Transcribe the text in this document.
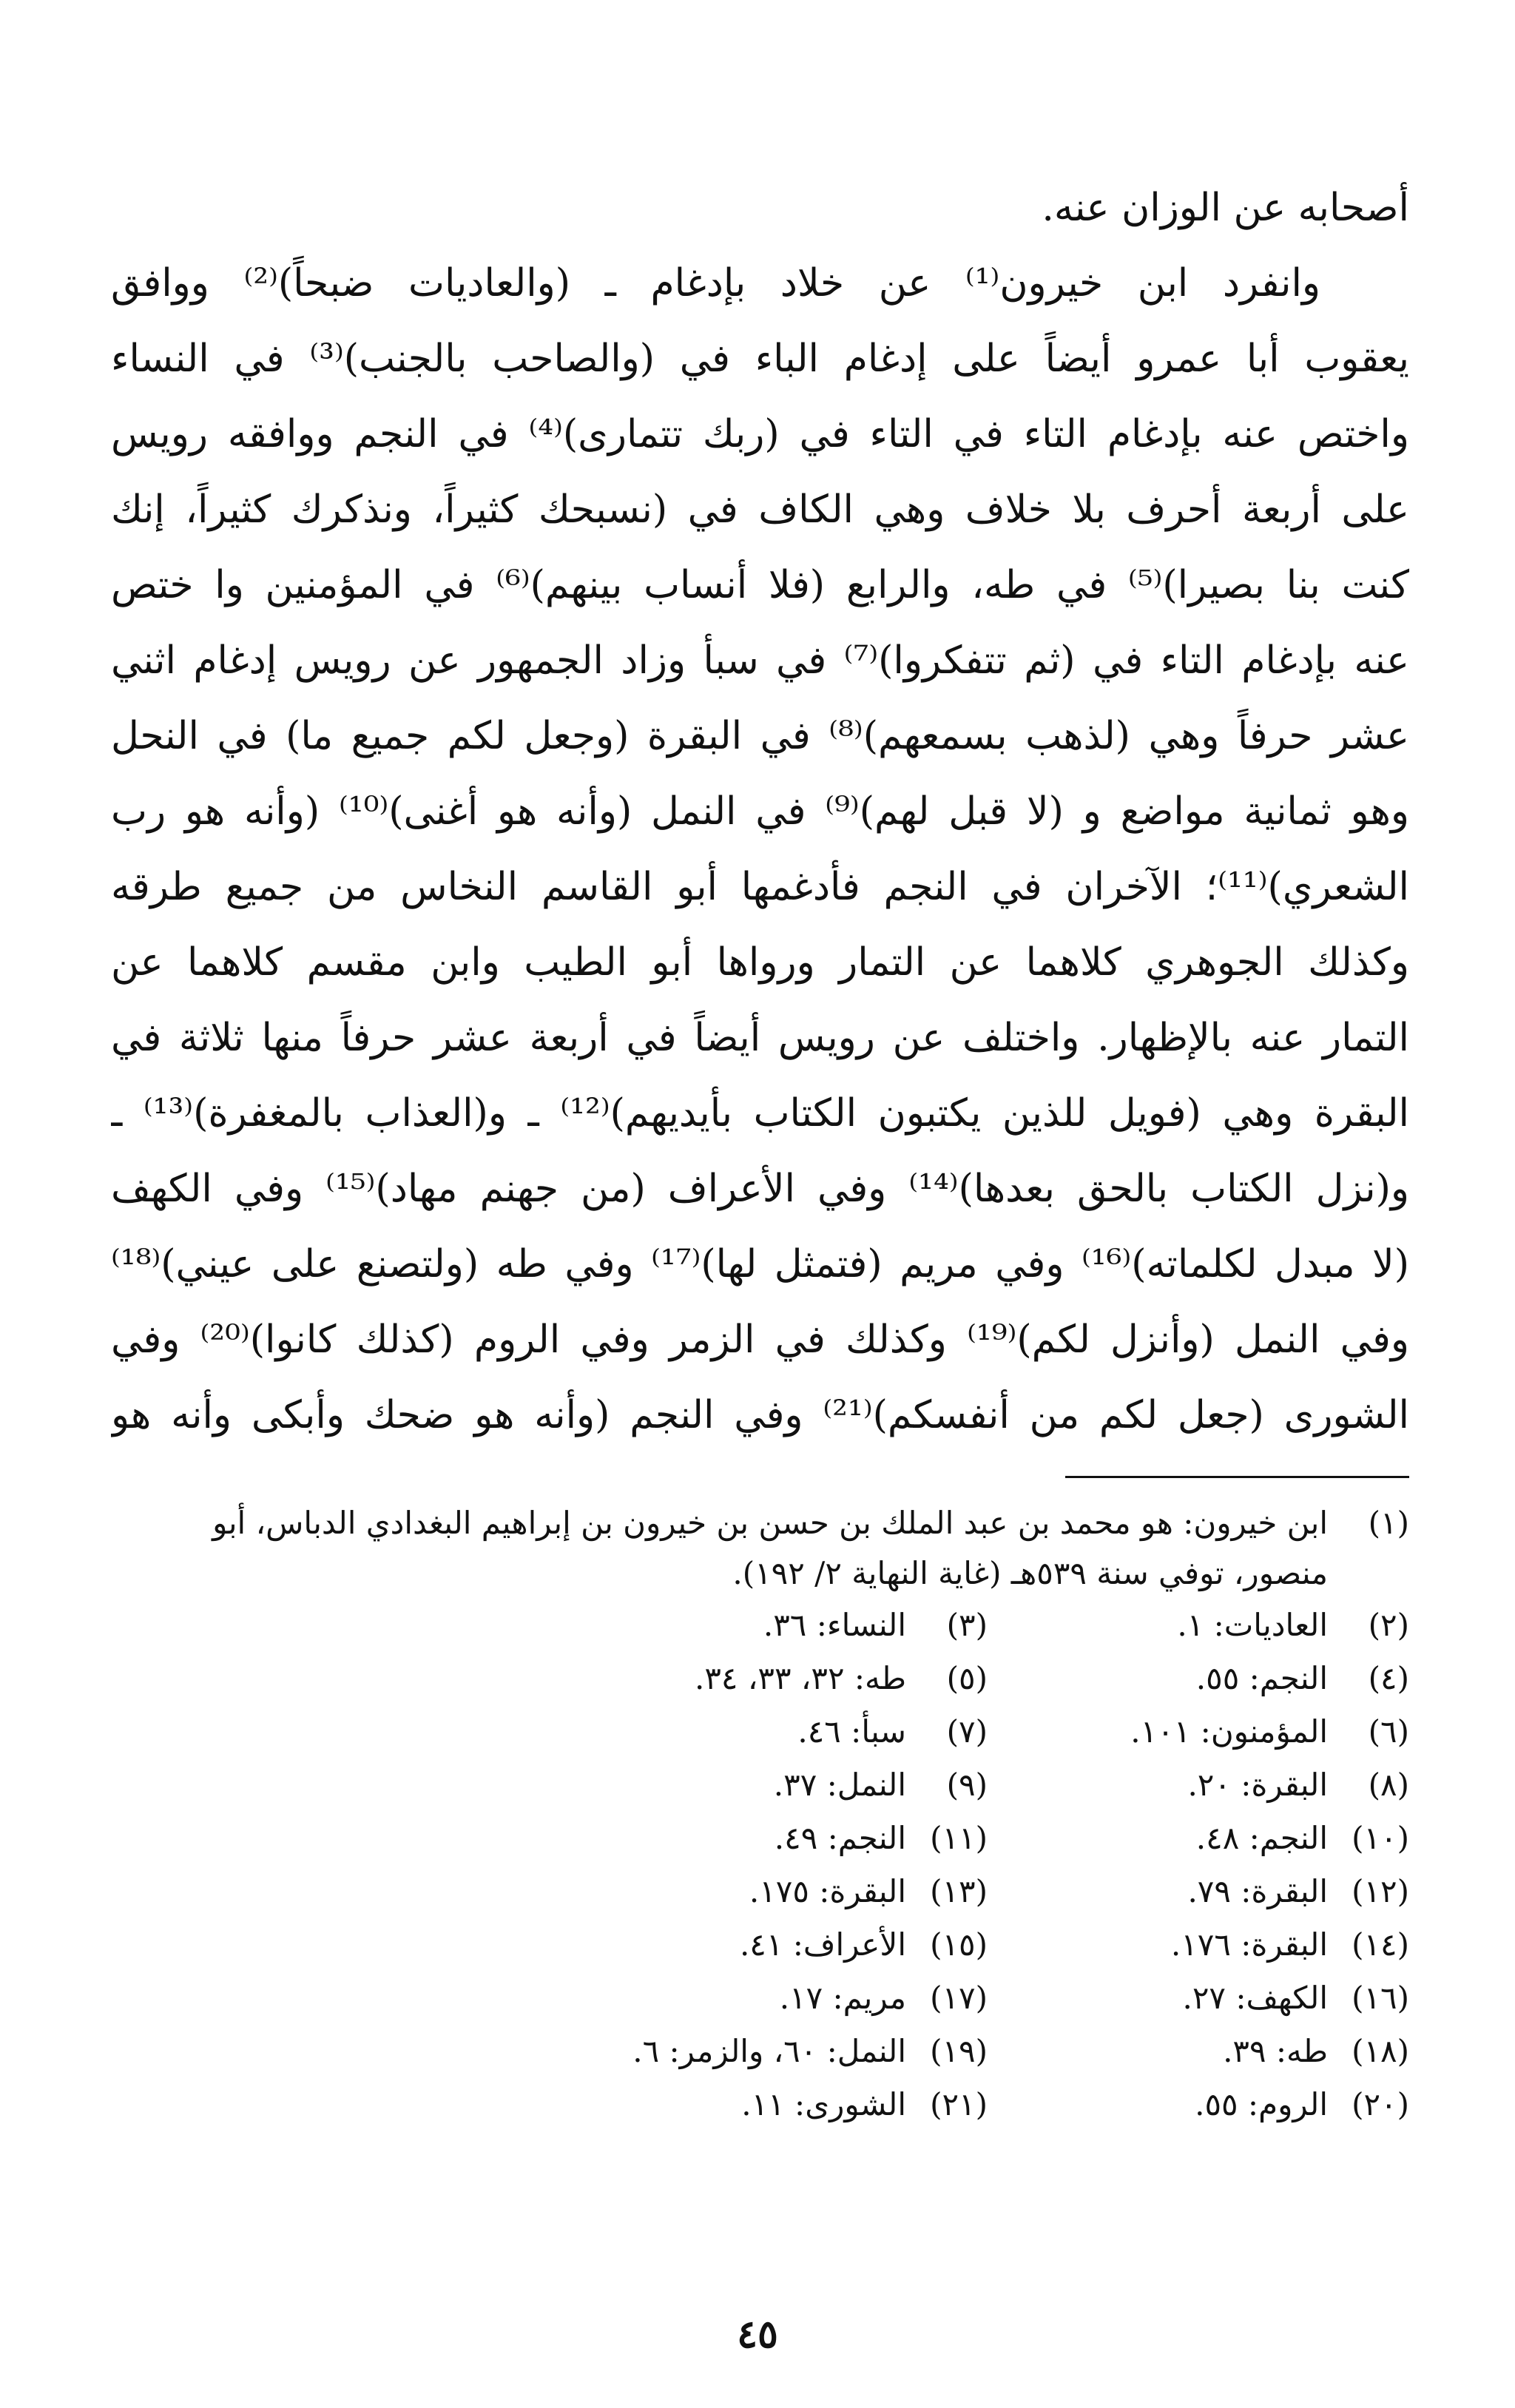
أصحابه عن الوزان عنه.
وانفرد ابن خيرون⁽¹⁾ عن خلاد بإدغام ـ (والعاديات ضبحاً)⁽²⁾ ووافق
يعقوب أبا عمرو أيضاً على إدغام الباء في (والصاحب بالجنب)⁽³⁾ في النساء
واختص عنه بإدغام التاء في التاء في (ربك تتمارى)⁽⁴⁾ في النجم ووافقه رويس
على أربعة أحرف بلا خلاف وهي الكاف في (نسبحك كثيراً، ونذكرك كثيراً، إنك
كنت بنا بصيرا)⁽⁵⁾ في طه، والرابع (فلا أنساب بينهم)⁽⁶⁾ في المؤمنين وا ختص
عنه بإدغام التاء في (ثم تتفكروا)⁽⁷⁾ في سبأ وزاد الجمهور عن رويس إدغام اثني
عشر حرفاً وهي (لذهب بسمعهم)⁽⁸⁾ في البقرة (وجعل لكم جميع ما) في النحل
وهو ثمانية مواضع و (لا قبل لهم)⁽⁹⁾ في النمل (وأنه هو أغنى)⁽¹⁰⁾ (وأنه هو رب
الشعري)⁽¹¹⁾؛ الآخران في النجم فأدغمها أبو القاسم النخاس من جميع طرقه
وكذلك الجوهري كلاهما عن التمار ورواها أبو الطيب وابن مقسم كلاهما عن
التمار عنه بالإظهار. واختلف عن رويس أيضاً في أربعة عشر حرفاً منها ثلاثة في
البقرة وهي (فويل للذين يكتبون الكتاب بأيديهم)⁽¹²⁾ ـ و(العذاب بالمغفرة)⁽¹³⁾ ـ
و(نزل الكتاب بالحق بعدها)⁽¹⁴⁾ وفي الأعراف (من جهنم مهاد)⁽¹⁵⁾ وفي الكهف
(لا مبدل لكلماته)⁽¹⁶⁾ وفي مريم (فتمثل لها)⁽¹⁷⁾ وفي طه (ولتصنع على عيني)⁽¹⁸⁾
وفي النمل (وأنزل لكم)⁽¹⁹⁾ وكذلك في الزمر وفي الروم (كذلك كانوا)⁽²⁰⁾ وفي
الشورى (جعل لكم من أنفسكم)⁽²¹⁾ وفي النجم (وأنه هو ضحك وأبكى وأنه هو
(١)
ابن خيرون: هو محمد بن عبد الملك بن حسن بن خيرون بن إبراهيم البغدادي الدباس، أبو منصور، توفي سنة ٥٣٩هـ (غاية النهاية ٢/ ١٩٢).
(٢)العاديات: ١.
(٣)النساء: ٣٦.
(٤)النجم: ٥٥.
(٥)طه: ٣٢، ٣٣، ٣٤.
(٦)المؤمنون: ١٠١.
(٧)سبأ: ٤٦.
(٨)البقرة: ٢٠.
(٩)النمل: ٣٧.
(١٠)النجم: ٤٨.
(١١)النجم: ٤٩.
(١٢)البقرة: ٧٩.
(١٣)البقرة: ١٧٥.
(١٤)البقرة: ١٧٦.
(١٥)الأعراف: ٤١.
(١٦)الكهف: ٢٧.
(١٧)مريم: ١٧.
(١٨)طه: ٣٩.
(١٩)النمل: ٦٠، والزمر: ٦.
(٢٠)الروم: ٥٥.
(٢١)الشورى: ١١.
٤٥
